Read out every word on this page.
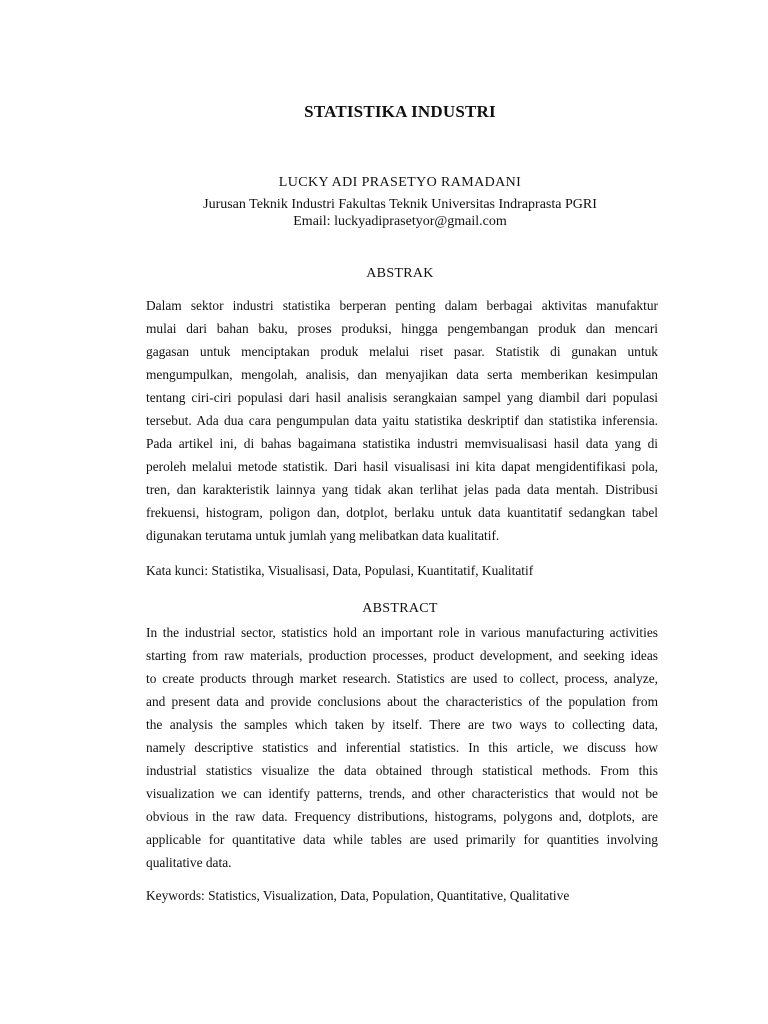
STATISTIKA INDUSTRI
LUCKY ADI PRASETYO RAMADANI
Jurusan Teknik Industri Fakultas Teknik Universitas Indraprasta PGRI
Email: luckyadiprasetyor@gmail.com
ABSTRAK
Dalam sektor industri statistika berperan penting dalam berbagai aktivitas manufaktur
mulai dari bahan baku, proses produksi, hingga pengembangan produk dan mencari
gagasan untuk menciptakan produk melalui riset pasar. Statistik di gunakan untuk
mengumpulkan, mengolah, analisis, dan menyajikan data serta memberikan kesimpulan
tentang ciri-ciri populasi dari hasil analisis serangkaian sampel yang diambil dari populasi
tersebut. Ada dua cara pengumpulan data yaitu statistika deskriptif dan statistika inferensia.
Pada artikel ini, di bahas bagaimana statistika industri memvisualisasi hasil data yang di
peroleh melalui metode statistik. Dari hasil visualisasi ini kita dapat mengidentifikasi pola,
tren, dan karakteristik lainnya yang tidak akan terlihat jelas pada data mentah. Distribusi
frekuensi, histogram, poligon dan, dotplot, berlaku untuk data kuantitatif sedangkan tabel
digunakan terutama untuk jumlah yang melibatkan data kualitatif.
Kata kunci: Statistika, Visualisasi, Data, Populasi, Kuantitatif, Kualitatif
ABSTRACT
In the industrial sector, statistics hold an important role in various manufacturing activities
starting from raw materials, production processes, product development, and seeking ideas
to create products through market research. Statistics are used to collect, process, analyze,
and present data and provide conclusions about the characteristics of the population from
the analysis the samples which taken by itself. There are two ways to collecting data,
namely descriptive statistics and inferential statistics. In this article, we discuss how
industrial statistics visualize the data obtained through statistical methods. From this
visualization we can identify patterns, trends, and other characteristics that would not be
obvious in the raw data. Frequency distributions, histograms, polygons and, dotplots, are
applicable for quantitative data while tables are used primarily for quantities involving
qualitative data.
Keywords: Statistics, Visualization, Data, Population, Quantitative, Qualitative
